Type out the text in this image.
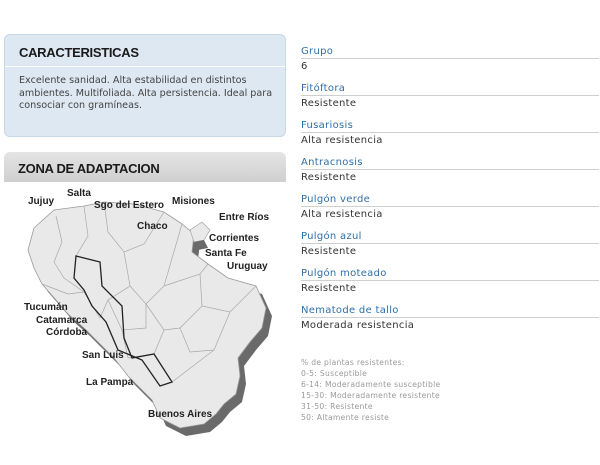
CARACTERISTICAS
Excelente sanidad. Alta estabilidad en distintos ambientes. Multifoliada. Alta persistencia. Ideal para consociar con gramíneas.
ZONA DE ADAPTACION
Jujuy
Salta
Sgo del Estero Misiones
Chaco
Entre Ríos
Corrientes
Santa Fe
Uruguay
Tucumán
Catamarca
Córdoba
San Luis
La Pampa
Buenos Aires
Grupo
6
Fitóftora
Resistente
Fusariosis
Alta resistencia
Antracnosis
Resistente
Pulgón verde
Alta resistencia
Pulgón azul
Resistente
Pulgón moteado
Resistente
Nematode de tallo
Moderada resistencia
% de plantas resistentes:
0-5: Susceptible
6-14: Moderadamente susceptible
15-30: Moderadamente resistente
31-50: Resistente
50: Altamente resiste
